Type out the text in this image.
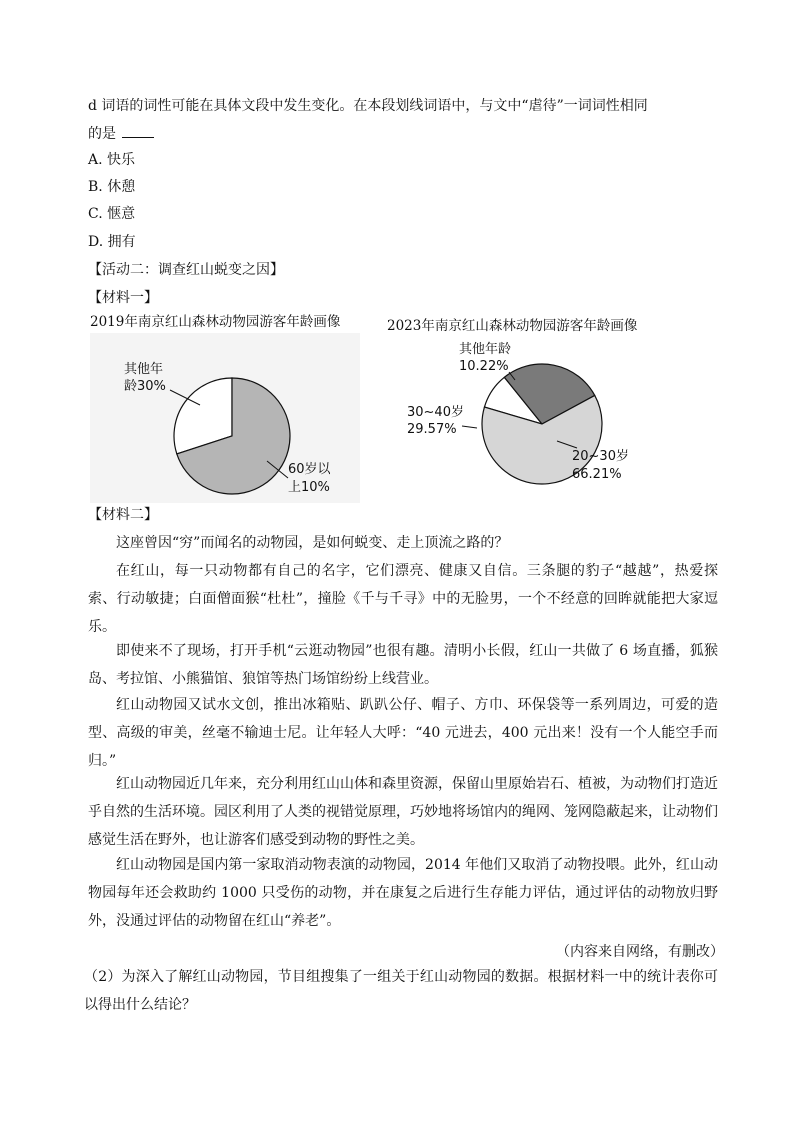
d 词语的词性可能在具体文段中发生变化。在本段划线词语中，与文中“虐待”一词词性相同
的是
A. 快乐
B. 休憩
C. 惬意
D. 拥有
【活动二：调查红山蜕变之因】
【材料一】
2019年南京红山森林动物园游客年龄画像
其他年
龄30%
60岁以
上10%
2023年南京红山森林动物园游客年龄画像
其他年龄
10.22%
30~40岁
29.57%
20~30岁
66.21%
【材料二】
这座曾因“穷”而闻名的动物园，是如何蜕变、走上顶流之路的？
在红山，每一只动物都有自己的名字，它们漂亮、健康又自信。三条腿的豹子“越越”，热爱探索、行动敏捷；白面僧面猴“杜杜”，撞脸《千与千寻》中的无脸男，一个不经意的回眸就能把大家逗乐。
即使来不了现场，打开手机“云逛动物园”也很有趣。清明小长假，红山一共做了 6 场直播，狐猴岛、考拉馆、小熊猫馆、狼馆等热门场馆纷纷上线营业。
红山动物园又试水文创，推出冰箱贴、趴趴公仔、帽子、方巾、环保袋等一系列周边，可爱的造型、高级的审美，丝毫不输迪士尼。让年轻人大呼：“40 元进去，400 元出来！没有一个人能空手而归。”
红山动物园近几年来，充分利用红山山体和森里资源，保留山里原始岩石、植被，为动物们打造近乎自然的生活环境。园区利用了人类的视错觉原理，巧妙地将场馆内的绳网、笼网隐蔽起来，让动物们感觉生活在野外，也让游客们感受到动物的野性之美。
红山动物园是国内第一家取消动物表演的动物园，2014 年他们又取消了动物投喂。此外，红山动物园每年还会救助约 1000 只受伤的动物，并在康复之后进行生存能力评估，通过评估的动物放归野外，没通过评估的动物留在红山“养老”。
（内容来自网络，有删改）
（2）为深入了解红山动物园，节目组搜集了一组关于红山动物园的数据。根据材料一中的统计表你可以得出什么结论？
